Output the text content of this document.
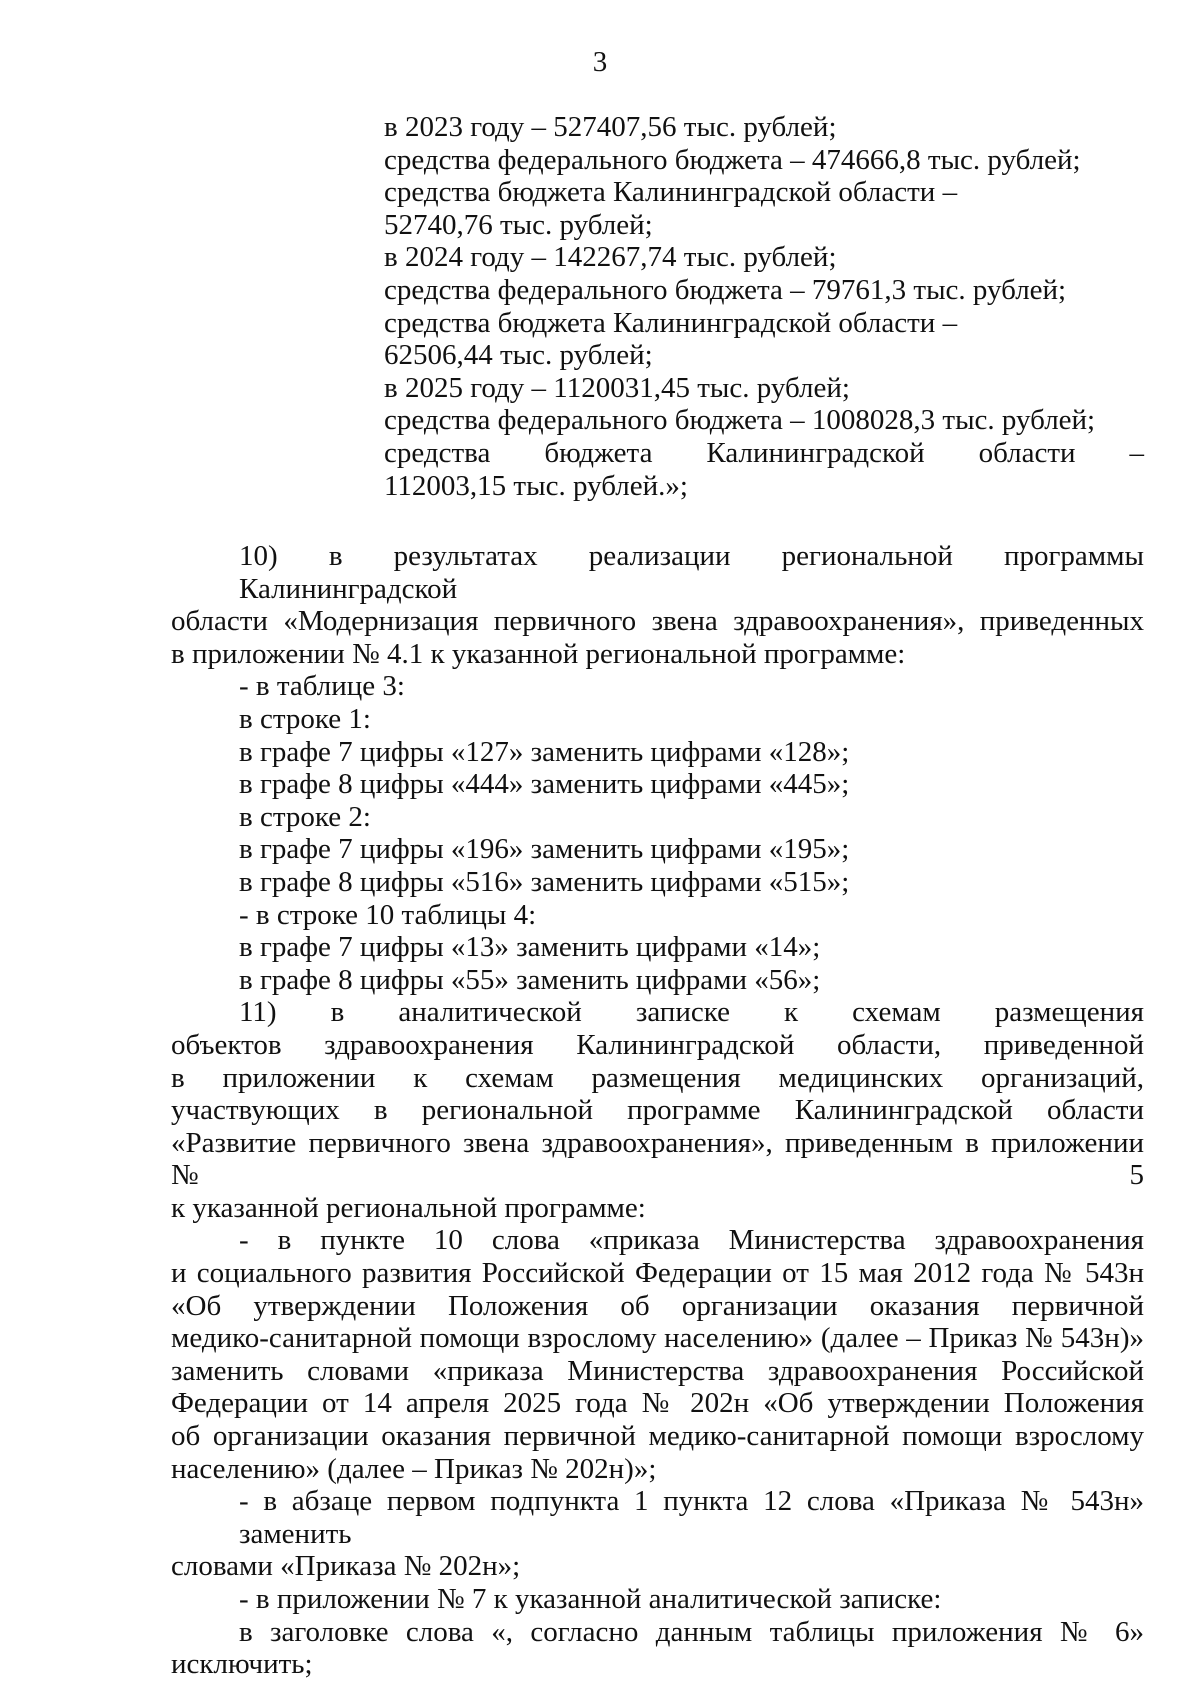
3
в 2023 году – 527407,56 тыс. рублей;
средства федерального бюджета – 474666,8 тыс. рублей;
средства бюджета Калининградской области –
52740,76 тыс. рублей;
в 2024 году – 142267,74 тыс. рублей;
средства федерального бюджета – 79761,3 тыс. рублей;
средства бюджета Калининградской области –
62506,44 тыс. рублей;
в 2025 году – 1120031,45 тыс. рублей;
средства федерального бюджета – 1008028,3 тыс. рублей;
средства бюджета Калининградской области –
112003,15 тыс. рублей.»;
10) в результатах реализации региональной программы Калининградской
области «Модернизация первичного звена здравоохранения», приведенных
в приложении № 4.1 к указанной региональной программе:
- в таблице 3:
в строке 1:
в графе 7 цифры «127» заменить цифрами «128»;
в графе 8 цифры «444» заменить цифрами «445»;
в строке 2:
в графе 7 цифры «196» заменить цифрами «195»;
в графе 8 цифры «516» заменить цифрами «515»;
- в строке 10 таблицы 4:
в графе 7 цифры «13» заменить цифрами «14»;
в графе 8 цифры «55» заменить цифрами «56»;
11) в аналитической записке к схемам размещения
объектов здравоохранения Калининградской области, приведенной
в приложении к схемам размещения медицинских организаций,
участвующих в региональной программе Калининградской области
«Развитие первичного звена здравоохранения», приведенным в приложении № 5
к указанной региональной программе:
- в пункте 10 слова «приказа Министерства здравоохранения
и социального развития Российской Федерации от 15 мая 2012 года № 543н
«Об утверждении Положения об организации оказания первичной
медико-санитарной помощи взрослому населению» (далее – Приказ № 543н)»
заменить словами «приказа Министерства здравоохранения Российской
Федерации от 14 апреля 2025 года № 202н «Об утверждении Положения
об организации оказания первичной медико-санитарной помощи взрослому
населению» (далее – Приказ № 202н)»;
- в абзаце первом подпункта 1 пункта 12 слова «Приказа № 543н» заменить
словами «Приказа № 202н»;
- в приложении № 7 к указанной аналитической записке:
в заголовке слова «, согласно данным таблицы приложения № 6»
исключить;
